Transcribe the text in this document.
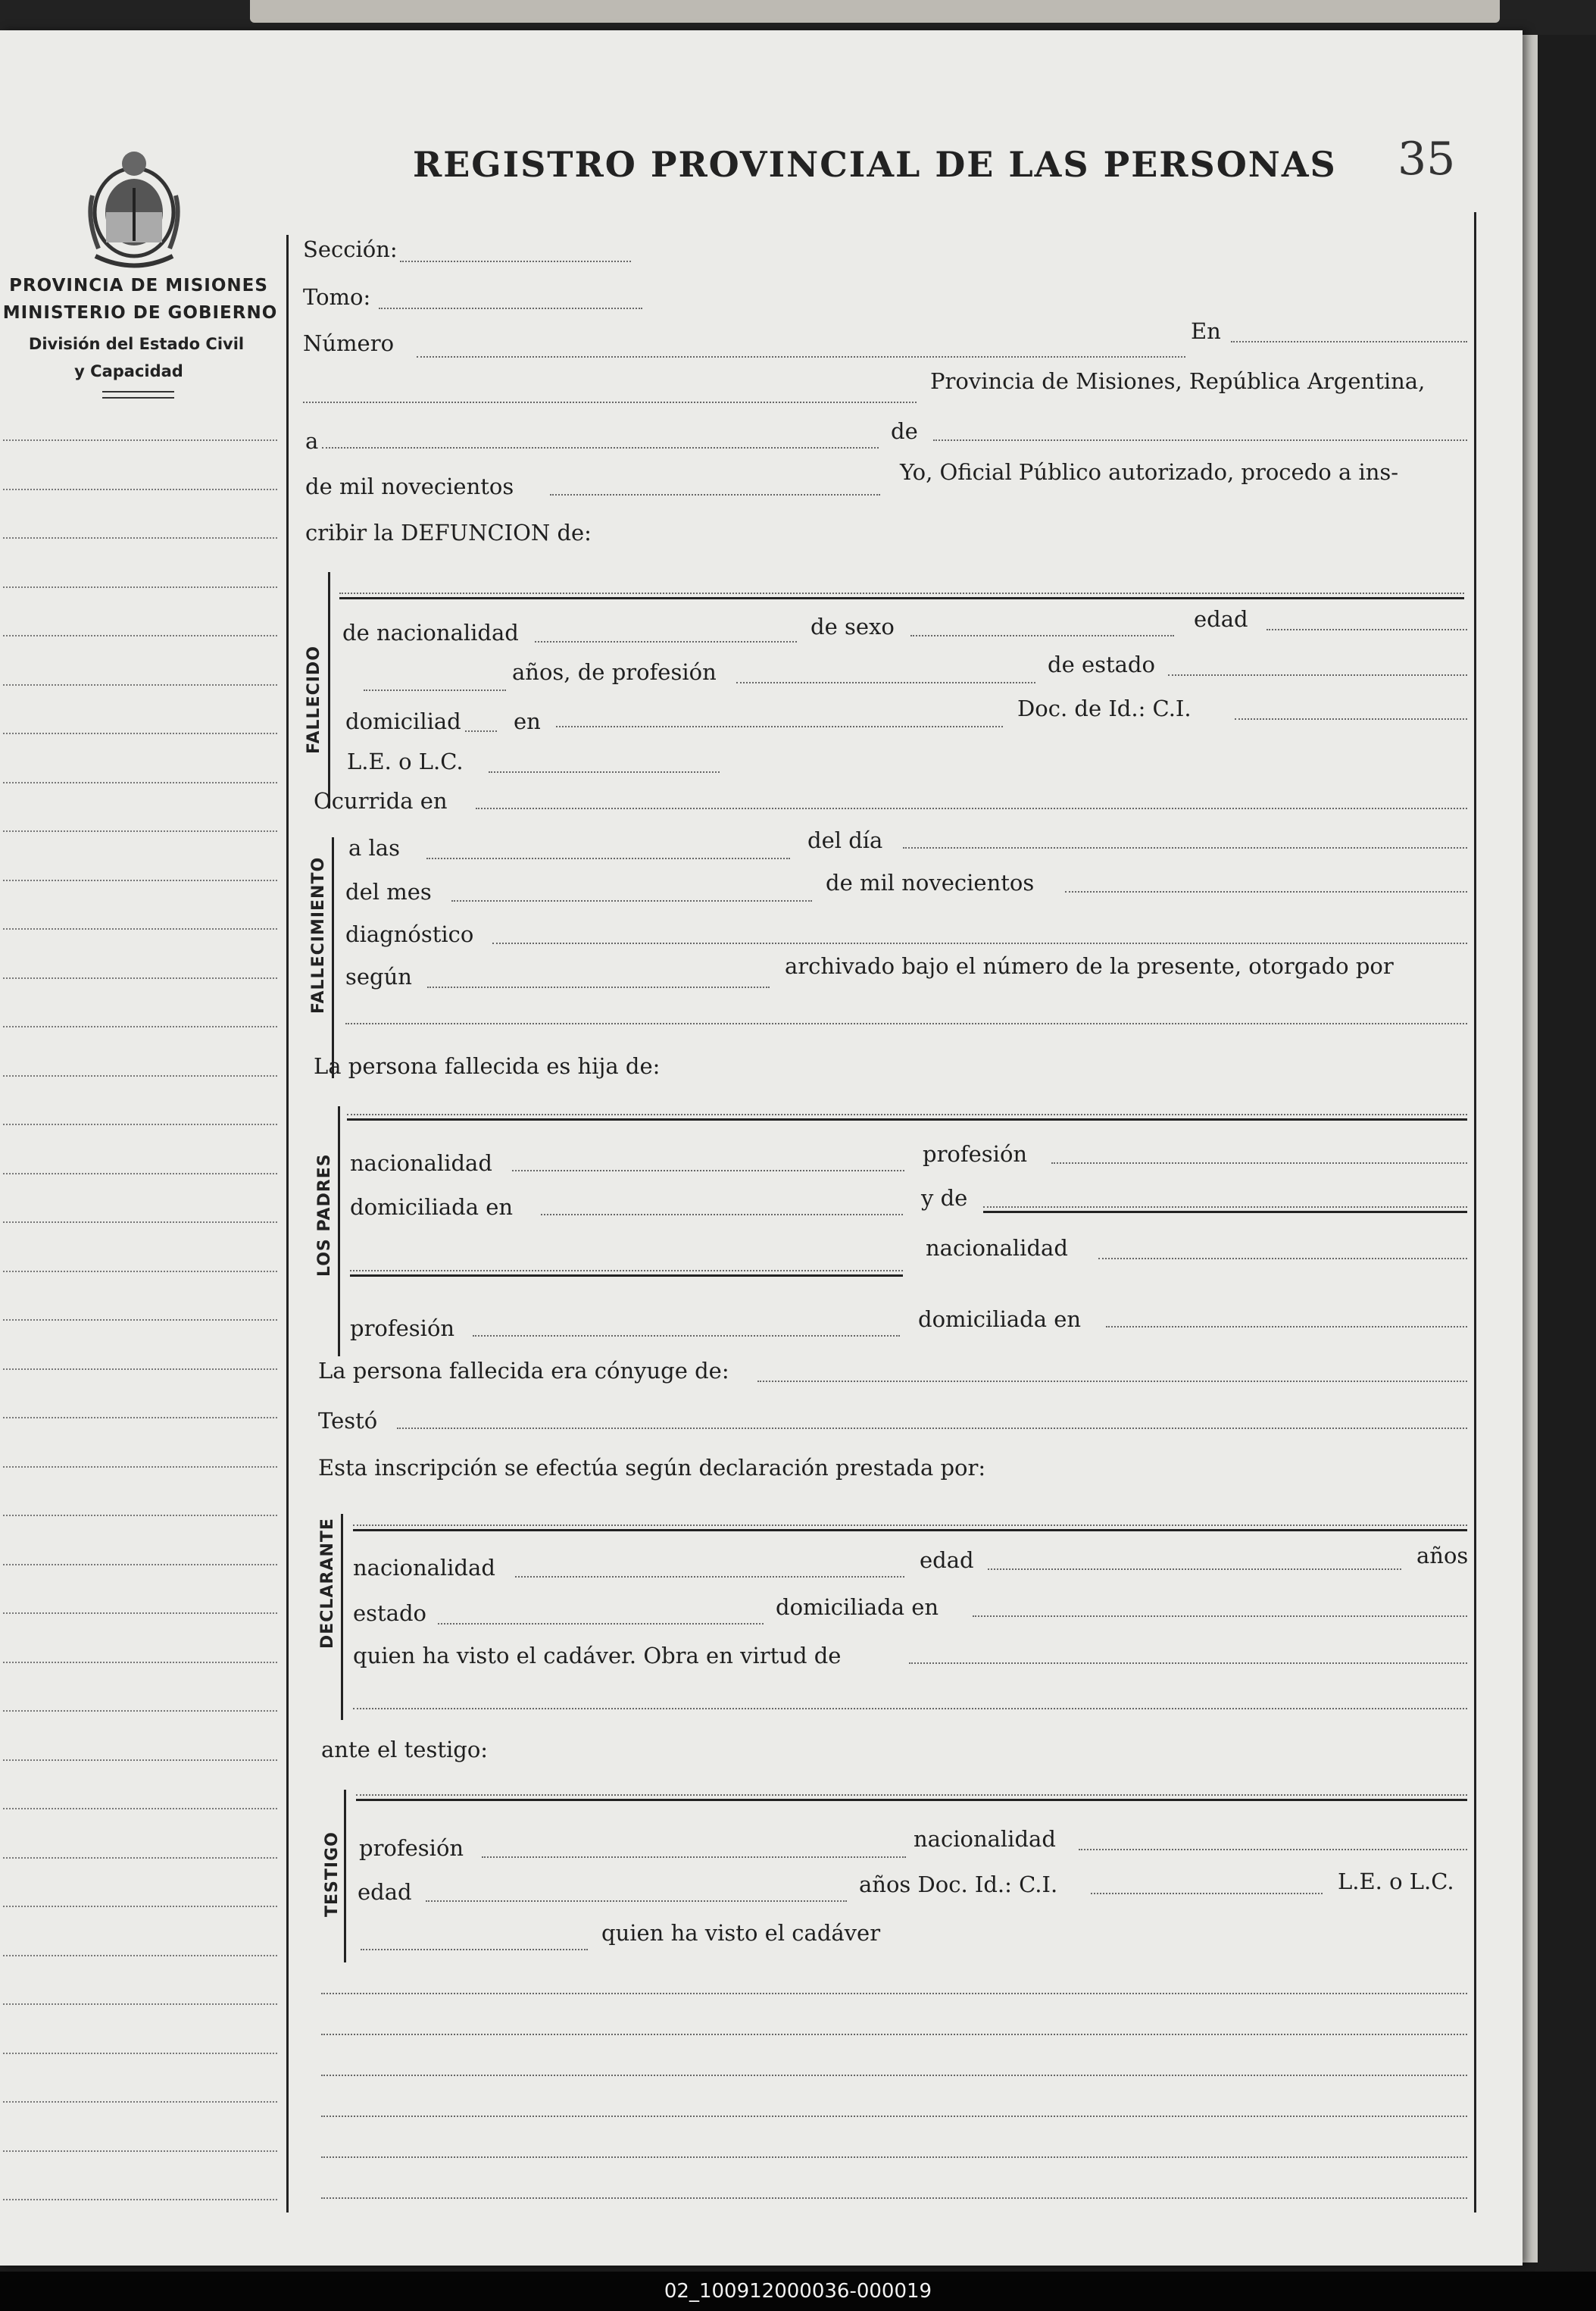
REGISTRO PROVINCIAL DE LAS PERSONAS 35
PROVINCIA DE MISIONES
MINISTERIO DE GOBIERNO
División del Estado Civil
y Capacidad
Sección:
Tomo:
Número	En
Provincia de Misiones, República Argentina,
a	de
de mil novecientos
Yo, Oficial Público autorizado, procedo a ins-
cribir la DEFUNCION de:
FALLECIDO
de nacionalidad	de sexo	edad
años, de profesión	de estado
domiciliad en	Doc. de Id.: C.I.
L.E. o L.C.
Ocurrida en
FALLECIMIENTO
a las	del día
del mes	de mil novecientos
diagnóstico
según	archivado bajo el número de la presente, otorgado por
La persona fallecida es hija de:
LOS PADRES nacionalidad	profesión
domiciliada en	y de
nacionalidad
profesión	domiciliada en
La persona fallecida era cónyuge de:
Testó
Esta inscripción se efectúa según declaración prestada por:
DECLARANTE nacionalidad	edad	años
estado	domiciliada en
quien ha visto el cadáver. Obra en virtud de
ante el testigo:
TESTIGO profesión	nacionalidad
edad	años Doc. Id.: C.I.	L.E. o L.C.
quien ha visto el cadáver
02_100912000036-000019
